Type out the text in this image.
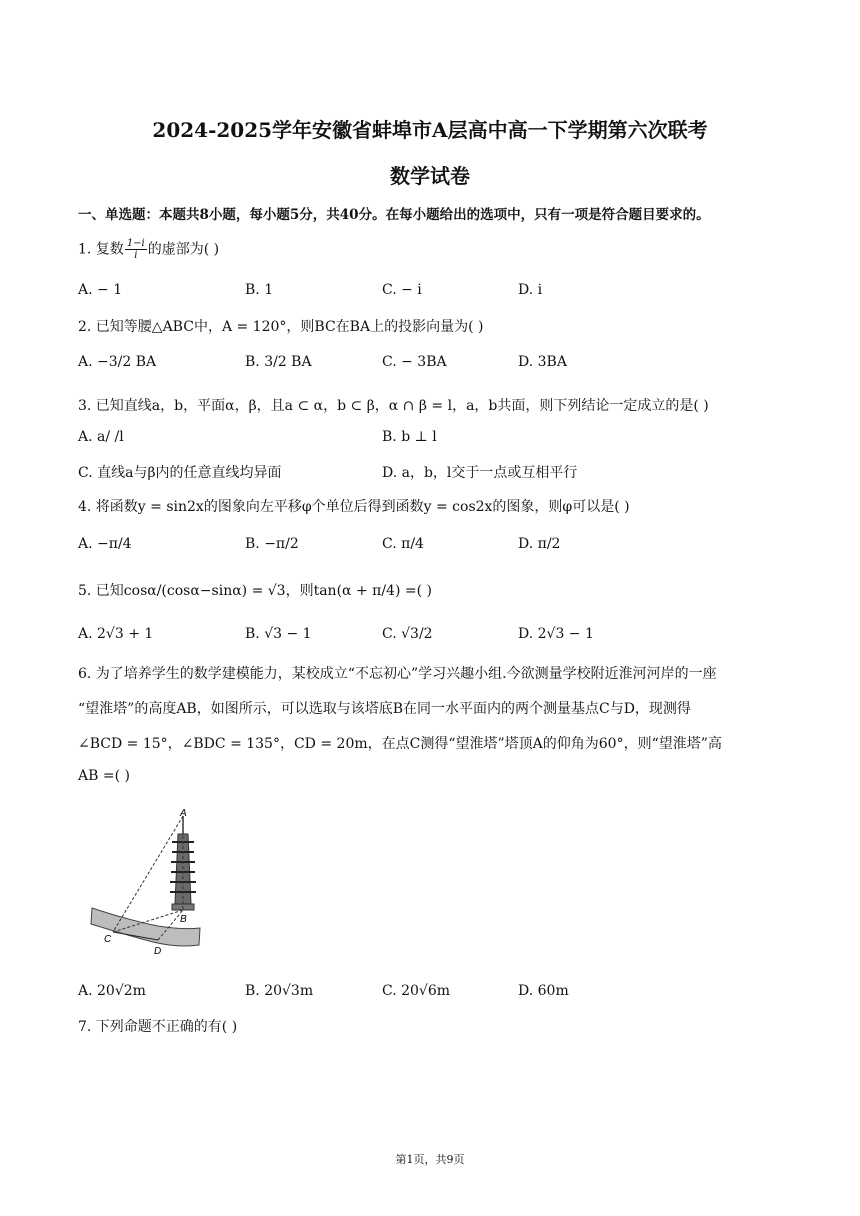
2024-2025学年安徽省蚌埠市A层高中高一下学期第六次联考
数学试卷
一、单选题：本题共8小题，每小题5分，共40分。在每小题给出的选项中，只有一项是符合题目要求的。
1. 复数 $\frac{1-i}{i}$ 的虚部为( )
A. − 1	B. 1	C. − i	D. i
2. 已知等腰△ABC中，A = 120°，则BC在BA上的投影向量为( )
A. −3/2 BA	B. 3/2 BA	C. − 3BA	D. 3BA
3. 已知直线a，b，平面α，β，且a ⊂ α，b ⊂ β，α ∩ β = l，a，b共面，则下列结论一定成立的是( )
A. a/ /l	B. b ⊥ l
C. 直线a与β内的任意直线均异面	D. a，b，l交于一点或互相平行
4. 将函数y = sin2x的图象向左平移φ个单位后得到函数y = cos2x的图象，则φ可以是( )
A. −π/4	B. −π/2	C. π/4	D. π/2
5. 已知cosα/(cosα−sinα) = √3，则tan(α + π/4) =( )
A. 2√3 + 1	B. √3 − 1	C. √3/2	D. 2√3 − 1
6. 为了培养学生的数学建模能力，某校成立“不忘初心”学习兴趣小组.今欲测量学校附近淮河河岸的一座
“望淮塔”的高度AB，如图所示，可以选取与该塔底B在同一水平面内的两个测量基点C与D，现测得
∠BCD = 15°，∠BDC = 135°，CD = 20m，在点C测得“望淮塔”塔顶A的仰角为60°，则“望淮塔”高
AB =( )
A
B
C
D
A. 20√2m	B. 20√3m	C. 20√6m	D. 60m
7. 下列命题不正确的有( )
第1页，共9页
